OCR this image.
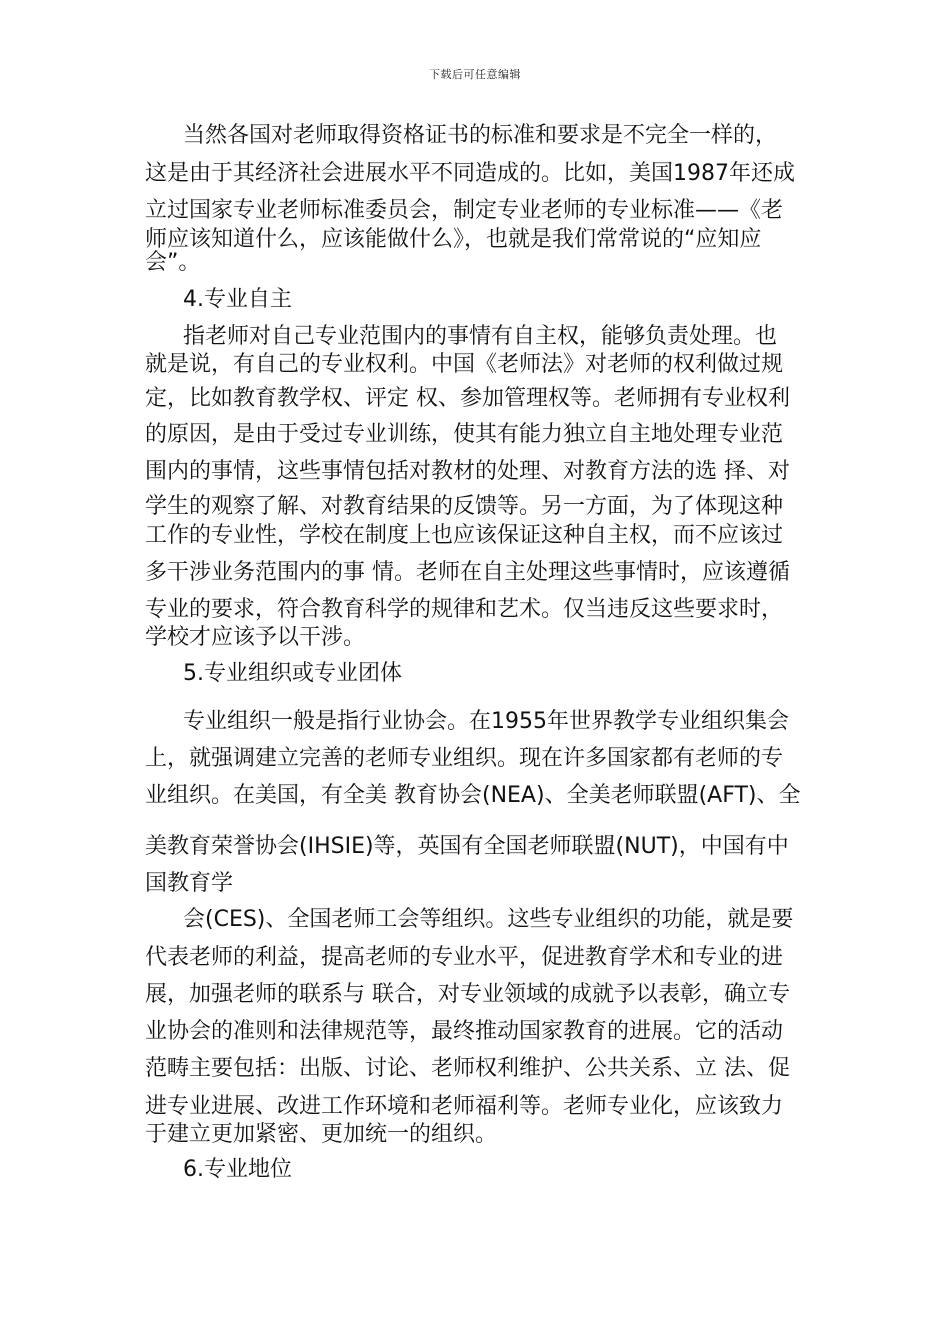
下载后可任意编辑
当然各国对老师取得资格证书的标准和要求是不完全一样的，
这是由于其经济社会进展水平不同造成的。比如，美国1987年还成
立过国家专业老师标准委员会，制定专业老师的专业标准——《老
师应该知道什么，应该能做什么》，也就是我们常常说的“应知应
会”。
4.专业自主
指老师对自己专业范围内的事情有自主权，能够负责处理。也
就是说，有自己的专业权利。中国《老师法》对老师的权利做过规
定，比如教育教学权、评定 权、参加管理权等。老师拥有专业权利
的原因，是由于受过专业训练，使其有能力独立自主地处理专业范
围内的事情，这些事情包括对教材的处理、对教育方法的选 择、对
学生的观察了解、对教育结果的反馈等。另一方面，为了体现这种
工作的专业性，学校在制度上也应该保证这种自主权，而不应该过
多干涉业务范围内的事 情。老师在自主处理这些事情时，应该遵循
专业的要求，符合教育科学的规律和艺术。仅当违反这些要求时，
学校才应该予以干涉。
5.专业组织或专业团体
专业组织一般是指行业协会。在1955年世界教学专业组织集会
上，就强调建立完善的老师专业组织。现在许多国家都有老师的专
业组织。在美国，有全美 教育协会(NEA)、全美老师联盟(AFT)、全
美教育荣誉协会(IHSIE)等，英国有全国老师联盟(NUT)，中国有中
国教育学
会(CES)、全国老师工会等组织。这些专业组织的功能，就是要
代表老师的利益，提高老师的专业水平，促进教育学术和专业的进
展，加强老师的联系与 联合，对专业领域的成就予以表彰，确立专
业协会的准则和法律规范等，最终推动国家教育的进展。它的活动
范畴主要包括：出版、讨论、老师权利维护、公共关系、立 法、促
进专业进展、改进工作环境和老师福利等。老师专业化，应该致力
于建立更加紧密、更加统一的组织。
6.专业地位
